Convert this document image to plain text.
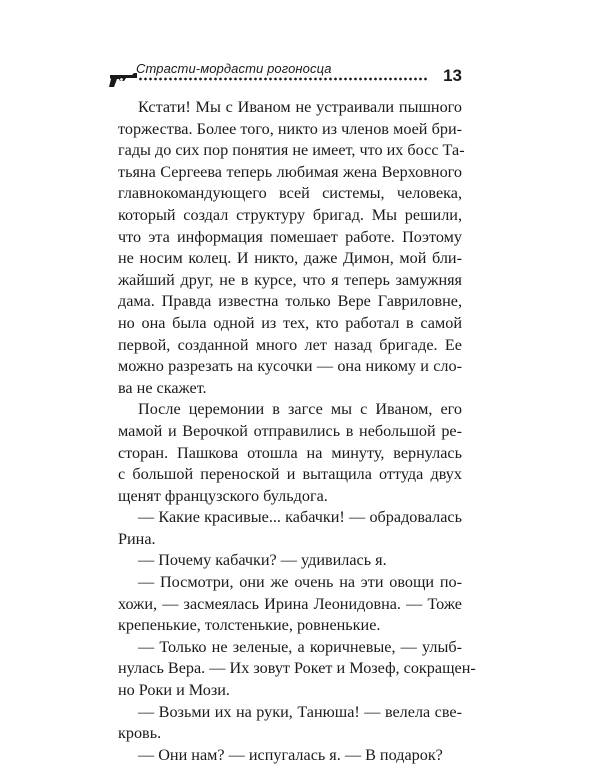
Страсти-мордасти рогоносца	13

Кстати! Мы с Иваном не устраивали пышного
торжества. Более того, никто из членов моей бри-
гады до сих пор понятия не имеет, что их босс Та-
тьяна Сергеева теперь любимая жена Верховного
главнокомандующего всей системы, человека,
который создал структуру бригад. Мы решили,
что эта информация помешает работе. Поэтому
не носим колец. И никто, даже Димон, мой бли-
жайший друг, не в курсе, что я теперь замужняя
дама. Правда известна только Вере Гавриловне,
но она была одной из тех, кто работал в самой
первой, созданной много лет назад бригаде. Ее
можно разрезать на кусочки — она никому и сло-
ва не скажет.

После церемонии в загсе мы с Иваном, его
мамой и Верочкой отправились в небольшой ре-
сторан. Пашкова отошла на минуту, вернулась
с большой переноской и вытащила оттуда двух
щенят французского бульдога.

— Какие красивые... кабачки! — обрадовалась
Рина.

— Почему кабачки? — удивилась я.

— Посмотри, они же очень на эти овощи по-
хожи, — засмеялась Ирина Леонидовна. — Тоже
крепенькие, толстенькие, ровненькие.

— Только не зеленые, а коричневые, — улыб-
нулась Вера. — Их зовут Рокет и Мозеф, сокращен-
но Роки и Мози.

— Возьми их на руки, Танюша! — велела све-
кровь.

— Они нам? — испугалась я. — В подарок?
